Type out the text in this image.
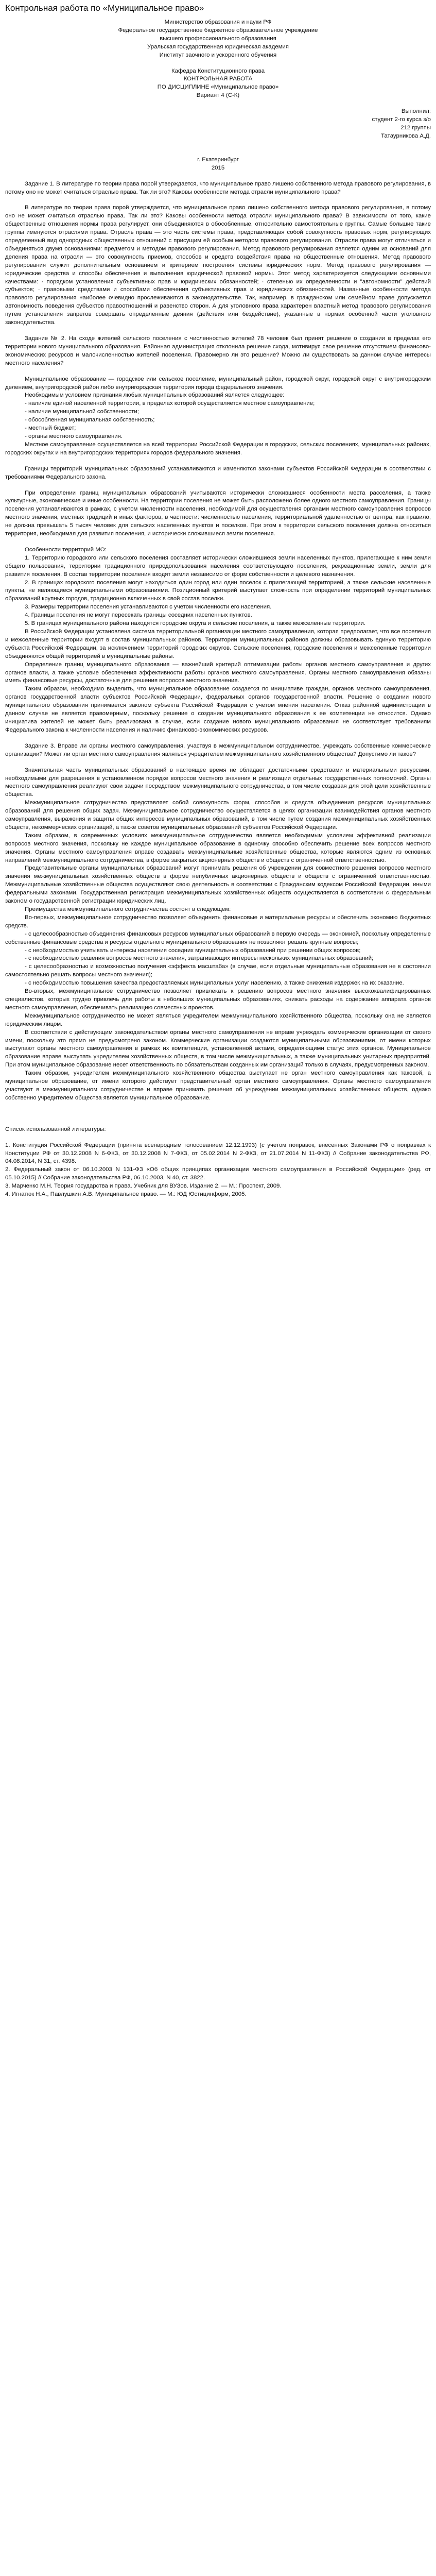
Контрольная работа по «Муниципальное право»

Министерство образования и науки РФ

Федеральное государственное бюджетное образовательное учреждение

высшего профессионального образования

Уральская государственная юридическая академия

Институт заочного и ускоренного обучения

Кафедра Конституционного права

КОНТРОЛЬНАЯ РАБОТА

ПО ДИСЦИПЛИНЕ «Муниципальное право»

Вариант 4 (С-К)

Выполнил:

студент 2-го курса з/о

212 группы

Татаурникова А.Д.

г. Екатеринбург

2015

Задание 1. В литературе по теории права порой утверждается, что муниципальное право лишено собственного метода правового регулирования, в потому оно не может считаться отраслью права. Так ли это? Каковы особенности метода отрасли муниципального права?

В литературе по теории права порой утверждается, что муниципальное право лишено собственного метода правового регулирования, в потому оно не может считаться отраслью права. Так ли это? Каковы особенности метода отрасли муниципального права? В зависимости от того, какие общественные отношения нормы права регулирует, они объединяются в обособленные, относительно самостоятельные группы. Самые большие такие группы именуются отраслями права. Отрасль права — это часть системы права, представляющая собой совокупность правовых норм, регулирующих определенный вид однородных общественных отношений с присущим ей особым методом правового регулирования. Отрасли права могут отличаться и объединяться двумя основаниями: предметом и методом правового регулирования. Метод правового регулирования является одним из оснований для деления права на отрасли — это совокупность приемов, способов и средств воздействия права на общественные отношения. Метод правового регулирования служит дополнительным основанием и критерием построения системы юридических норм. Метод правового регулирования — юридические средства и способы обеспечения и выполнения юридической правовой нормы. Этот метод характеризуется следующими основными качествами: · порядком установления субъективных прав и юридических обязанностей; · степенью их определенности и "автономности" действий субъектов; · правовыми средствами и способами обеспечения субъективных прав и юридических обязанностей. Названные особенности метода правового регулирования наиболее очевидно прослеживаются в законодательстве. Так, например, в гражданском или семейном праве допускается автономность поведения субъектов правоотношений и равенство сторон. А для уголовного права характерен властный метод правового регулирования путем установления запретов совершать определенные деяния (действия или бездействие), указанные в нормах особенной части уголовного законодательства.

Задание № 2. На сходе жителей сельского поселения с численностью жителей 78 человек был принят решение о создании в пределах его территории нового муниципального образования. Районная администрация отклонила решение схода, мотивируя свое решение отсутствием финансово-экономических ресурсов и малочисленностью жителей поселения. Правомерно ли это решение? Можно ли существовать за данном случае интересы местного населения?

Муниципальное образование — городское или сельское поселение, муниципальный район, городской округ, городской округ с внутригородским делением, внутригородской район либо внутригородская территория города федерального значения.

Необходимым условием признания любых муниципальных образований является следующее:

- наличие единой населенной территории, в пределах которой осуществляется местное самоуправление;

- наличие муниципальной собственности;

- обособленная муниципальная собственность;

- местный бюджет;

- органы местного самоуправления.

Местное самоуправление осуществляется на всей территории Российской Федерации в городских, сельских поселениях, муниципальных районах, городских округах и на внутригородских территориях городов федерального значения.

Границы территорий муниципальных образований устанавливаются и изменяются законами субъектов Российской Федерации в соответствии с требованиями Федерального закона.

При определении границ муниципальных образований учитываются исторически сложившиеся особенности места расселения, а также культурные, экономические и иные особенности. На территории поселения не может быть расположено более одного местного самоуправления. Границы поселения устанавливаются в рамках, с учетом численности населения, необходимой для осуществления органами местного самоуправления вопросов местного значения, местных традиций и иных факторов, в частности: численностью населения, территориальной удаленностью от центра, как правило, не должна превышать 5 тысяч человек для сельских населенных пунктов и поселков. При этом к территории сельского поселения должна относиться территория, необходимая для развития поселения, и исторически сложившиеся земли поселения.

Особенности территорий МО:

1. Территорию городского или сельского поселения составляет исторически сложившиеся земли населенных пунктов, прилегающие к ним земли общего пользования, территории традиционного природопользования населения соответствующего поселения, рекреационные земли, земли для развития поселения. В состав территории поселения входят земли независимо от форм собственности и целевого назначения.

2. В границах городского поселения могут находиться один город или один поселок с прилегающей территорией, а также сельские населенные пункты, не являющиеся муниципальными образованиями. Позиционный критерий выступает сложность при определении территорий муниципальных образований крупных городов, традиционно включенных в свой состав поселки.

3. Размеры территории поселения устанавливаются с учетом численности его населения.

4. Границы поселения не могут пересекать границы соседних населенных пунктов.

5. В границах муниципального района находятся городские округа и сельские поселения, а также межселенные территории.

В Российской Федерации установлена система территориальной организации местного самоуправления, которая предполагает, что все поселения и межселенные территории входят в состав муниципальных районов. Территории муниципальных районов должны образовывать единую территорию субъекта Российской Федерации, за исключением территорий городских округов. Сельские поселения, городские поселения и межселенные территории объединяются общей территорией в муниципальные районы.

Определение границ муниципального образования — важнейший критерий оптимизации работы органов местного самоуправления и других органов власти, а также условие обеспечения эффективности работы органов местного самоуправления. Органы местного самоуправления обязаны иметь финансовые ресурсы, достаточные для решения вопросов местного значения.

Таким образом, необходимо выделить, что муниципальное образование создается по инициативе граждан, органов местного самоуправления, органов государственной власти субъектов Российской Федерации, федеральных органов государственной власти. Решение о создании нового муниципального образования принимается законом субъекта Российской Федерации с учетом мнения населения. Отказ районной администрации в данном случае не является правомерным, поскольку решение о создании муниципального образования к ее компетенции не относится. Однако инициатива жителей не может быть реализована в случае, если создание нового муниципального образования не соответствует требованиям Федерального закона к численности населения и наличию финансово-экономических ресурсов.

Задание 3. Вправе ли органы местного самоуправления, участвуя в межмуниципальном сотрудничестве, учреждать собственные коммерческие организации? Может ли орган местного самоуправления являться учредителем межмуниципального хозяйственного общества? Допустимо ли такое?

Значительная часть муниципальных образований в настоящее время не обладает достаточными средствами и материальными ресурсами, необходимыми для разрешения в установленном порядке вопросов местного значения и реализации отдельных государственных полномочий. Органы местного самоуправления реализуют свои задачи посредством межмуниципального сотрудничества, в том числе создавая для этой цели хозяйственные общества.

Межмуниципальное сотрудничество представляет собой совокупность форм, способов и средств объединения ресурсов муниципальных образований для решения общих задач. Межмуниципальное сотрудничество осуществляется в целях организации взаимодействия органов местного самоуправления, выражения и защиты общих интересов муниципальных образований, в том числе путем создания межмуниципальных хозяйственных обществ, некоммерческих организаций, а также советов муниципальных образований субъектов Российской Федерации.

Таким образом, в современных условиях межмуниципальное сотрудничество является необходимым условием эффективной реализации вопросов местного значения, поскольку не каждое муниципальное образование в одиночку способно обеспечить решение всех вопросов местного значения. Органы местного самоуправления вправе создавать межмуниципальные хозяйственные общества, которые являются одним из основных направлений межмуниципального сотрудничества, в форме закрытых акционерных обществ и обществ с ограниченной ответственностью.

Представительные органы муниципальных образований могут принимать решения об учреждении для совместного решения вопросов местного значения межмуниципальных хозяйственных обществ в форме непубличных акционерных обществ и обществ с ограниченной ответственностью. Межмуниципальные хозяйственные общества осуществляют свою деятельность в соответствии с Гражданским кодексом Российской Федерации, иными федеральными законами. Государственная регистрация межмуниципальных хозяйственных обществ осуществляется в соответствии с федеральным законом о государственной регистрации юридических лиц.

Преимущества межмуниципального сотрудничества состоят в следующем:

Во-первых, межмуниципальное сотрудничество позволяет объединить финансовые и материальные ресурсы и обеспечить экономию бюджетных средств.

- с целесообразностью объединения финансовых ресурсов муниципальных образований в первую очередь — экономией, поскольку определенные собственные финансовые средства и ресурсы отдельного муниципального образования не позволяют решать крупные вопросы;

- с необходимостью учитывать интересы населения соседних муниципальных образований при решении общих вопросов;

- с необходимостью решения вопросов местного значения, затрагивающих интересы нескольких муниципальных образований;

- с целесообразностью и возможностью получения «эффекта масштаба» (в случае, если отдельные муниципальные образования не в состоянии самостоятельно решать вопросы местного значения);

- с необходимостью повышения качества предоставляемых муниципальных услуг населению, а также снижения издержек на их оказание.

Во-вторых, межмуниципальное сотрудничество позволяет привлекать к решению вопросов местного значения высококвалифицированных специалистов, которых трудно привлечь для работы в небольших муниципальных образованиях, снижать расходы на содержание аппарата органов местного самоуправления, обеспечивать реализацию совместных проектов.

Межмуниципальное сотрудничество не может являться учредителем межмуниципального хозяйственного общества, поскольку она не является юридическим лицом.

В соответствии с действующим законодательством органы местного самоуправления не вправе учреждать коммерческие организации от своего имени, поскольку это прямо не предусмотрено законом. Коммерческие организации создаются муниципальными образованиями, от имени которых выступают органы местного самоуправления в рамках их компетенции, установленной актами, определяющими статус этих органов. Муниципальное образование вправе выступать учредителем хозяйственных обществ, в том числе межмуниципальных, а также муниципальных унитарных предприятий. При этом муниципальное образование несет ответственность по обязательствам созданных им организаций только в случаях, предусмотренных законом.

Таким образом, учредителем межмуниципального хозяйственного общества выступает не орган местного самоуправления как таковой, а муниципальное образование, от имени которого действует представительный орган местного самоуправления. Органы местного самоуправления участвуют в межмуниципальном сотрудничестве и вправе принимать решения об учреждении межмуниципальных хозяйственных обществ, однако собственно учредителем общества является муниципальное образование.

Список использованной литературы:

1. Конституция Российской Федерации (принята всенародным голосованием 12.12.1993) (с учетом поправок, внесенных Законами РФ о поправках к Конституции РФ от 30.12.2008 N 6-ФКЗ, от 30.12.2008 N 7-ФКЗ, от 05.02.2014 N 2-ФКЗ, от 21.07.2014 N 11-ФКЗ) // Собрание законодательства РФ, 04.08.2014, N 31, ст. 4398.

2. Федеральный закон от 06.10.2003 N 131-ФЗ «Об общих принципах организации местного самоуправления в Российской Федерации» (ред. от 05.10.2015) // Собрание законодательства РФ, 06.10.2003, N 40, ст. 3822.

3. Марченко М.Н. Теория государства и права. Учебник для ВУЗов. Издание 2. — М.: Проспект, 2009.

4. Игнатюк Н.А., Павлушкин А.В. Муниципальное право. — М.: ЮД Юстицинформ, 2005.
